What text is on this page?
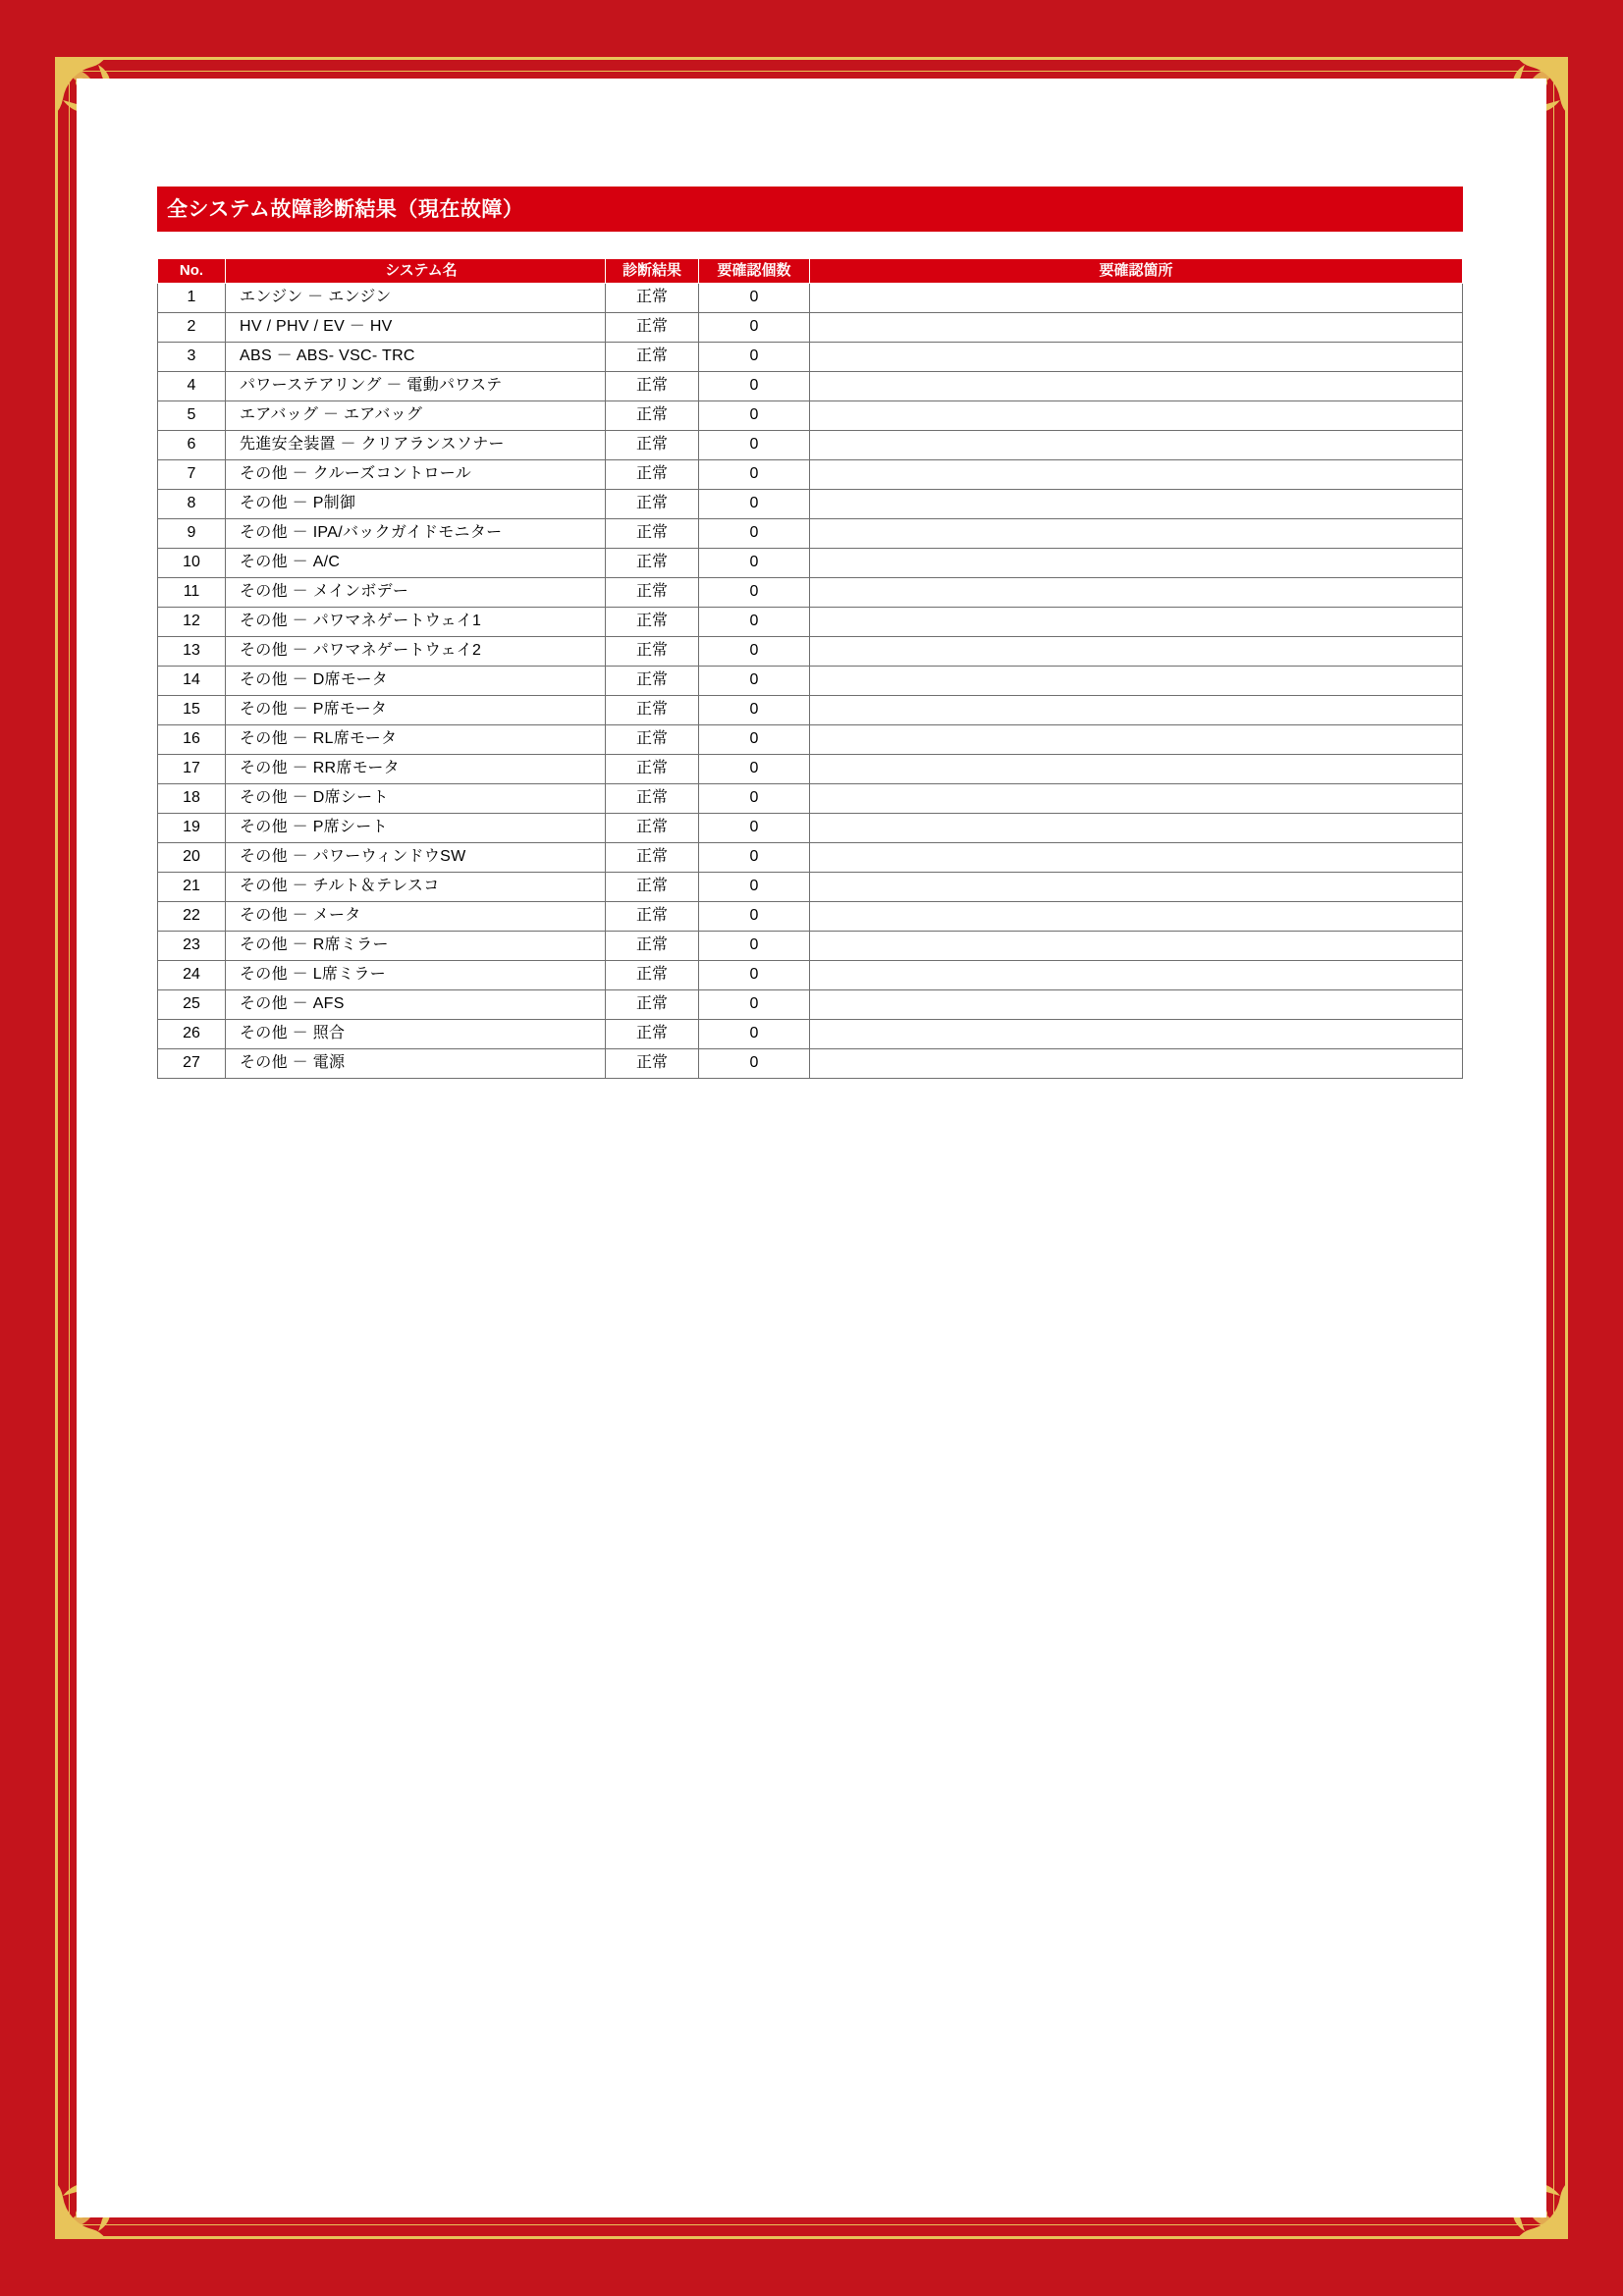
全システム故障診断結果（現在故障）
No.	システム名	診断結果	要確認個数	要確認箇所
1	エンジン － エンジン	正常	0	
2	HV / PHV / EV － HV	正常	0	
3	ABS － ABS- VSC- TRC	正常	0	
4	パワーステアリング － 電動パワステ	正常	0	
5	エアバッグ － エアバッグ	正常	0	
6	先進安全装置 － クリアランスソナー	正常	0	
7	その他 － クルーズコントロール	正常	0	
8	その他 － P制御	正常	0	
9	その他 － IPA/バックガイドモニター	正常	0	
10	その他 － A/C	正常	0	
11	その他 － メインボデー	正常	0	
12	その他 － パワマネゲートウェイ1	正常	0	
13	その他 － パワマネゲートウェイ2	正常	0	
14	その他 － D席モータ	正常	0	
15	その他 － P席モータ	正常	0	
16	その他 － RL席モータ	正常	0	
17	その他 － RR席モータ	正常	0	
18	その他 － D席シート	正常	0	
19	その他 － P席シート	正常	0	
20	その他 － パワーウィンドウSW	正常	0	
21	その他 － チルト＆テレスコ	正常	0	
22	その他 － メータ	正常	0	
23	その他 － R席ミラー	正常	0	
24	その他 － L席ミラー	正常	0	
25	その他 － AFS	正常	0	
26	その他 － 照合	正常	0	
27	その他 － 電源	正常	0	
